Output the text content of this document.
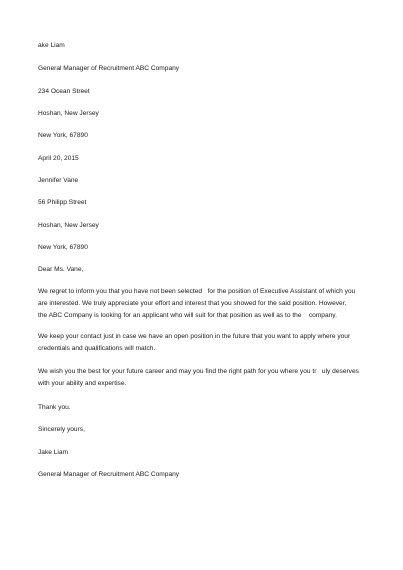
ake Liam
General Manager of Recruitment ABC Company
234 Ocean Street
Hoshan, New Jersey
New York, 67890
April 20, 2015
Jennifer Vane
56 Philipp Street
Hoshan, New Jersey
New York, 67890
Dear Ms. Vane,
We regret to inform you that you have not been selected   for the position of Executive Assistant of which you
are interested. We truly appreciate your effort and interest that you showed for the said position. However,
the ABC Company is looking for an applicant who will suit for that position as well as to the    company.
We keep your contact just in case we have an open position in the future that you want to apply where your
credentials and qualifications will match.
We wish you the best for your future career and may you find the right path for you where you tr   uly deserves
with your ability and expertise.
Thank you.
Sincerely yours,
Jake Liam
General Manager of Recruitment ABC Company
